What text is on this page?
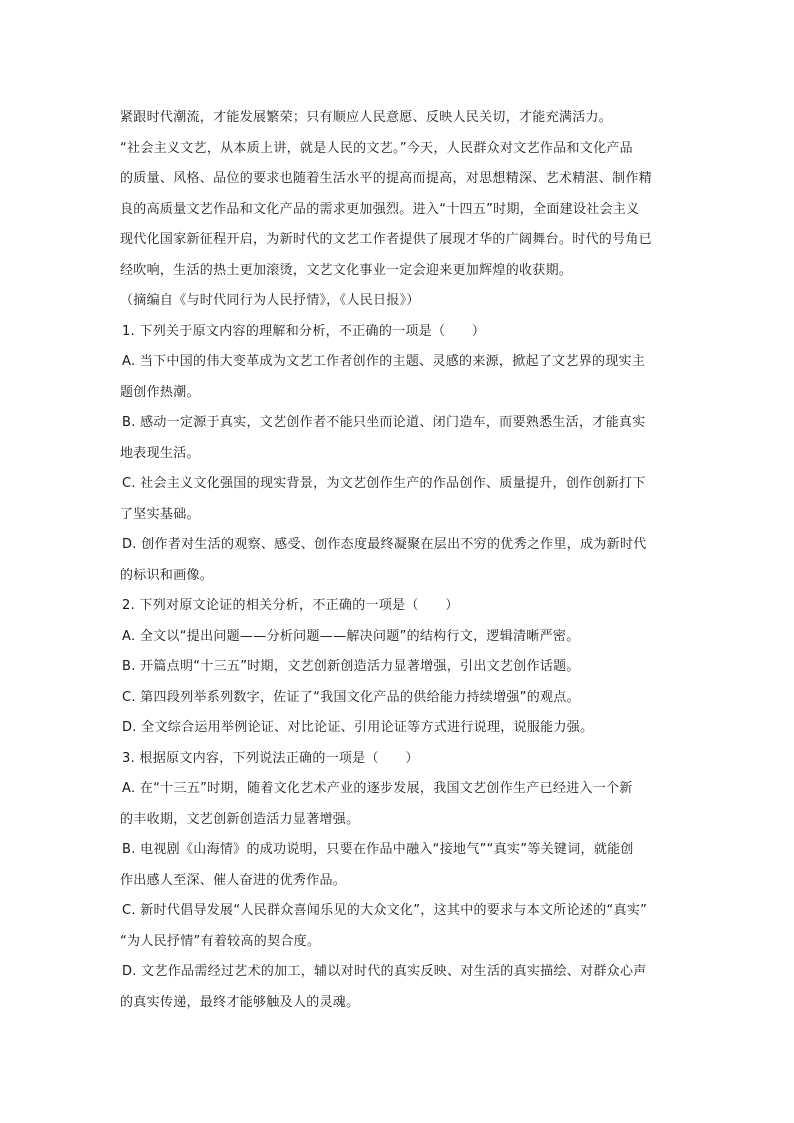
紧跟时代潮流，才能发展繁荣；只有顺应人民意愿、反映人民关切，才能充满活力。
“社会主义文艺，从本质上讲，就是人民的文艺。”今天，人民群众对文艺作品和文化产品
的质量、风格、品位的要求也随着生活水平的提高而提高，对思想精深、艺术精湛、制作精
良的高质量文艺作品和文化产品的需求更加强烈。进入“十四五”时期，全面建设社会主义
现代化国家新征程开启，为新时代的文艺工作者提供了展现才华的广阔舞台。时代的号角已
经吹响，生活的热土更加滚烫，文艺文化事业一定会迎来更加辉煌的收获期。
（摘编自《与时代同行为人民抒情》，《人民日报》）
1. 下列关于原文内容的理解和分析，不正确的一项是（　　）
A. 当下中国的伟大变革成为文艺工作者创作的主题、灵感的来源，掀起了文艺界的现实主
题创作热潮。
B. 感动一定源于真实，文艺创作者不能只坐而论道、闭门造车，而要熟悉生活，才能真实
地表现生活。
C. 社会主义文化强国的现实背景，为文艺创作生产的作品创作、质量提升，创作创新打下
了坚实基础。
D. 创作者对生活的观察、感受、创作态度最终凝聚在层出不穷的优秀之作里，成为新时代
的标识和画像。
2. 下列对原文论证的相关分析，不正确的一项是（　　）
A. 全文以“提出问题——分析问题——解决问题”的结构行文，逻辑清晰严密。
B. 开篇点明“十三五”时期，文艺创新创造活力显著增强，引出文艺创作话题。
C. 第四段列举系列数字，佐证了“我国文化产品的供给能力持续增强”的观点。
D. 全文综合运用举例论证、对比论证、引用论证等方式进行说理，说服能力强。
3. 根据原文内容，下列说法正确的一项是（　　）
A. 在“十三五”时期，随着文化艺术产业的逐步发展，我国文艺创作生产已经进入一个新
的丰收期，文艺创新创造活力显著增强。
B. 电视剧《山海情》的成功说明，只要在作品中融入“接地气”“真实”等关键词，就能创
作出感人至深、催人奋进的优秀作品。
C. 新时代倡导发展“人民群众喜闻乐见的大众文化”，这其中的要求与本文所论述的“真实”
“为人民抒情”有着较高的契合度。
D. 文艺作品需经过艺术的加工，辅以对时代的真实反映、对生活的真实描绘、对群众心声
的真实传递，最终才能够触及人的灵魂。
